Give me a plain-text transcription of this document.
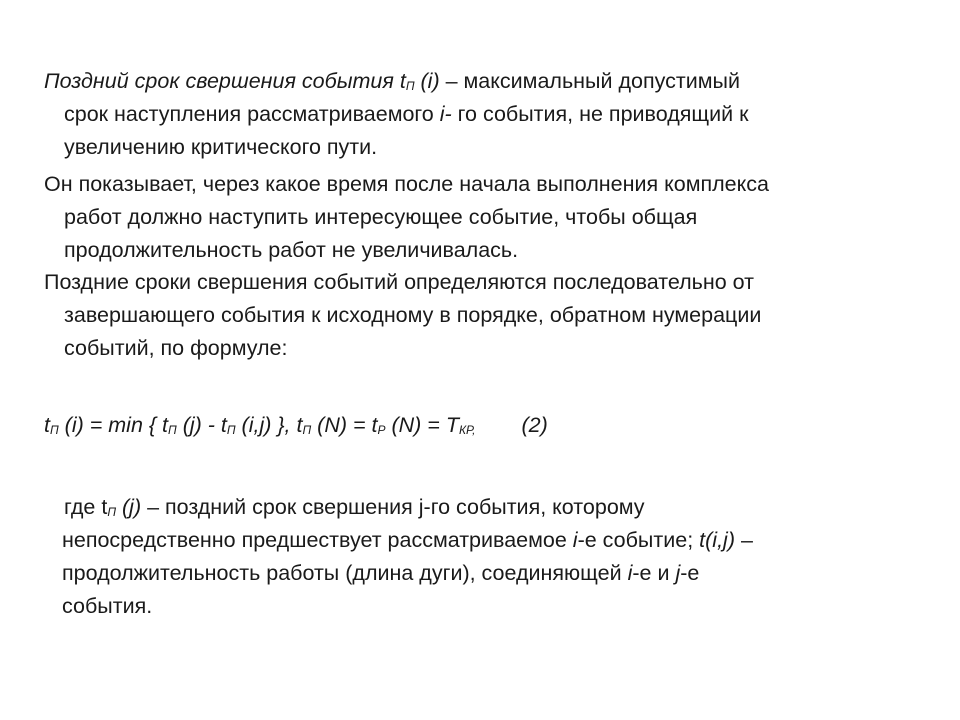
Поздний срок свершения события $t_П$ (i) – максимальный допустимый
срок наступления рассматриваемого i- го события, не приводящий к
увеличению критического пути.
Он показывает, через какое время после начала выполнения комплекса
работ должно наступить интересующее событие, чтобы общая
продолжительность работ не увеличивалась.
Поздние сроки свершения событий определяются последовательно от
завершающего события к исходному в порядке, обратном нумерации
событий, по формуле:
$t_П$ (i) = min { $t_П$ $(j) - t_П$ (i,j) }, $t_П$ $(N) = t_Р$ $(N) = T_{КР,}$ (2)
где $t_П$ (j) – поздний срок свершения j-го события, которому
непосредственно предшествует рассматриваемое i-е событие; t(i,j) –
продолжительность работы (длина дуги), соединяющей i-е и j-е
события.
